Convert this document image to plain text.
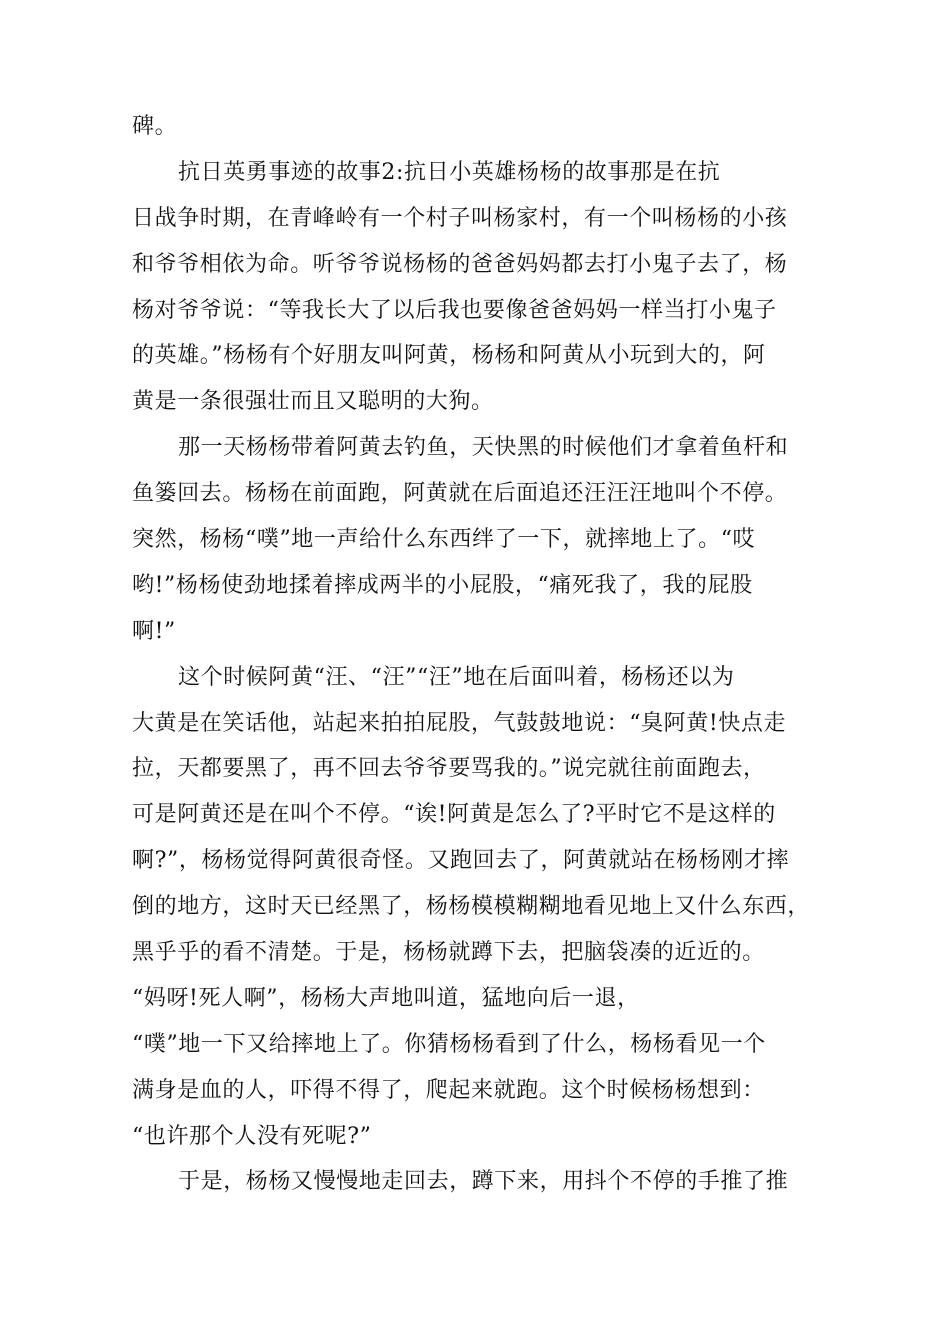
碑。
抗日英勇事迹的故事2:抗日小英雄杨杨的故事那是在抗
日战争时期，在青峰岭有一个村子叫杨家村，有一个叫杨杨的小孩
和爷爷相依为命。听爷爷说杨杨的爸爸妈妈都去打小鬼子去了，杨
杨对爷爷说：“等我长大了以后我也要像爸爸妈妈一样当打小鬼子
的英雄。”杨杨有个好朋友叫阿黄，杨杨和阿黄从小玩到大的，阿
黄是一条很强壮而且又聪明的大狗。
那一天杨杨带着阿黄去钓鱼，天快黑的时候他们才拿着鱼杆和
鱼篓回去。杨杨在前面跑，阿黄就在后面追还汪汪汪地叫个不停。
突然，杨杨“噗”地一声给什么东西绊了一下，就摔地上了。“哎
哟!”杨杨使劲地揉着摔成两半的小屁股，“痛死我了，我的屁股
啊!”
这个时候阿黄“汪、“汪”“汪”地在后面叫着，杨杨还以为
大黄是在笑话他，站起来拍拍屁股，气鼓鼓地说：“臭阿黄!快点走
拉，天都要黑了，再不回去爷爷要骂我的。”说完就往前面跑去，
可是阿黄还是在叫个不停。“诶!阿黄是怎么了?平时它不是这样的
啊?”，杨杨觉得阿黄很奇怪。又跑回去了，阿黄就站在杨杨刚才摔
倒的地方，这时天已经黑了，杨杨模模糊糊地看见地上又什么东西，
黑乎乎的看不清楚。于是，杨杨就蹲下去，把脑袋凑的近近的。
“妈呀!死人啊”，杨杨大声地叫道，猛地向后一退，
“噗”地一下又给摔地上了。你猜杨杨看到了什么，杨杨看见一个
满身是血的人，吓得不得了，爬起来就跑。这个时候杨杨想到：
“也许那个人没有死呢?”
于是，杨杨又慢慢地走回去，蹲下来，用抖个不停的手推了推
